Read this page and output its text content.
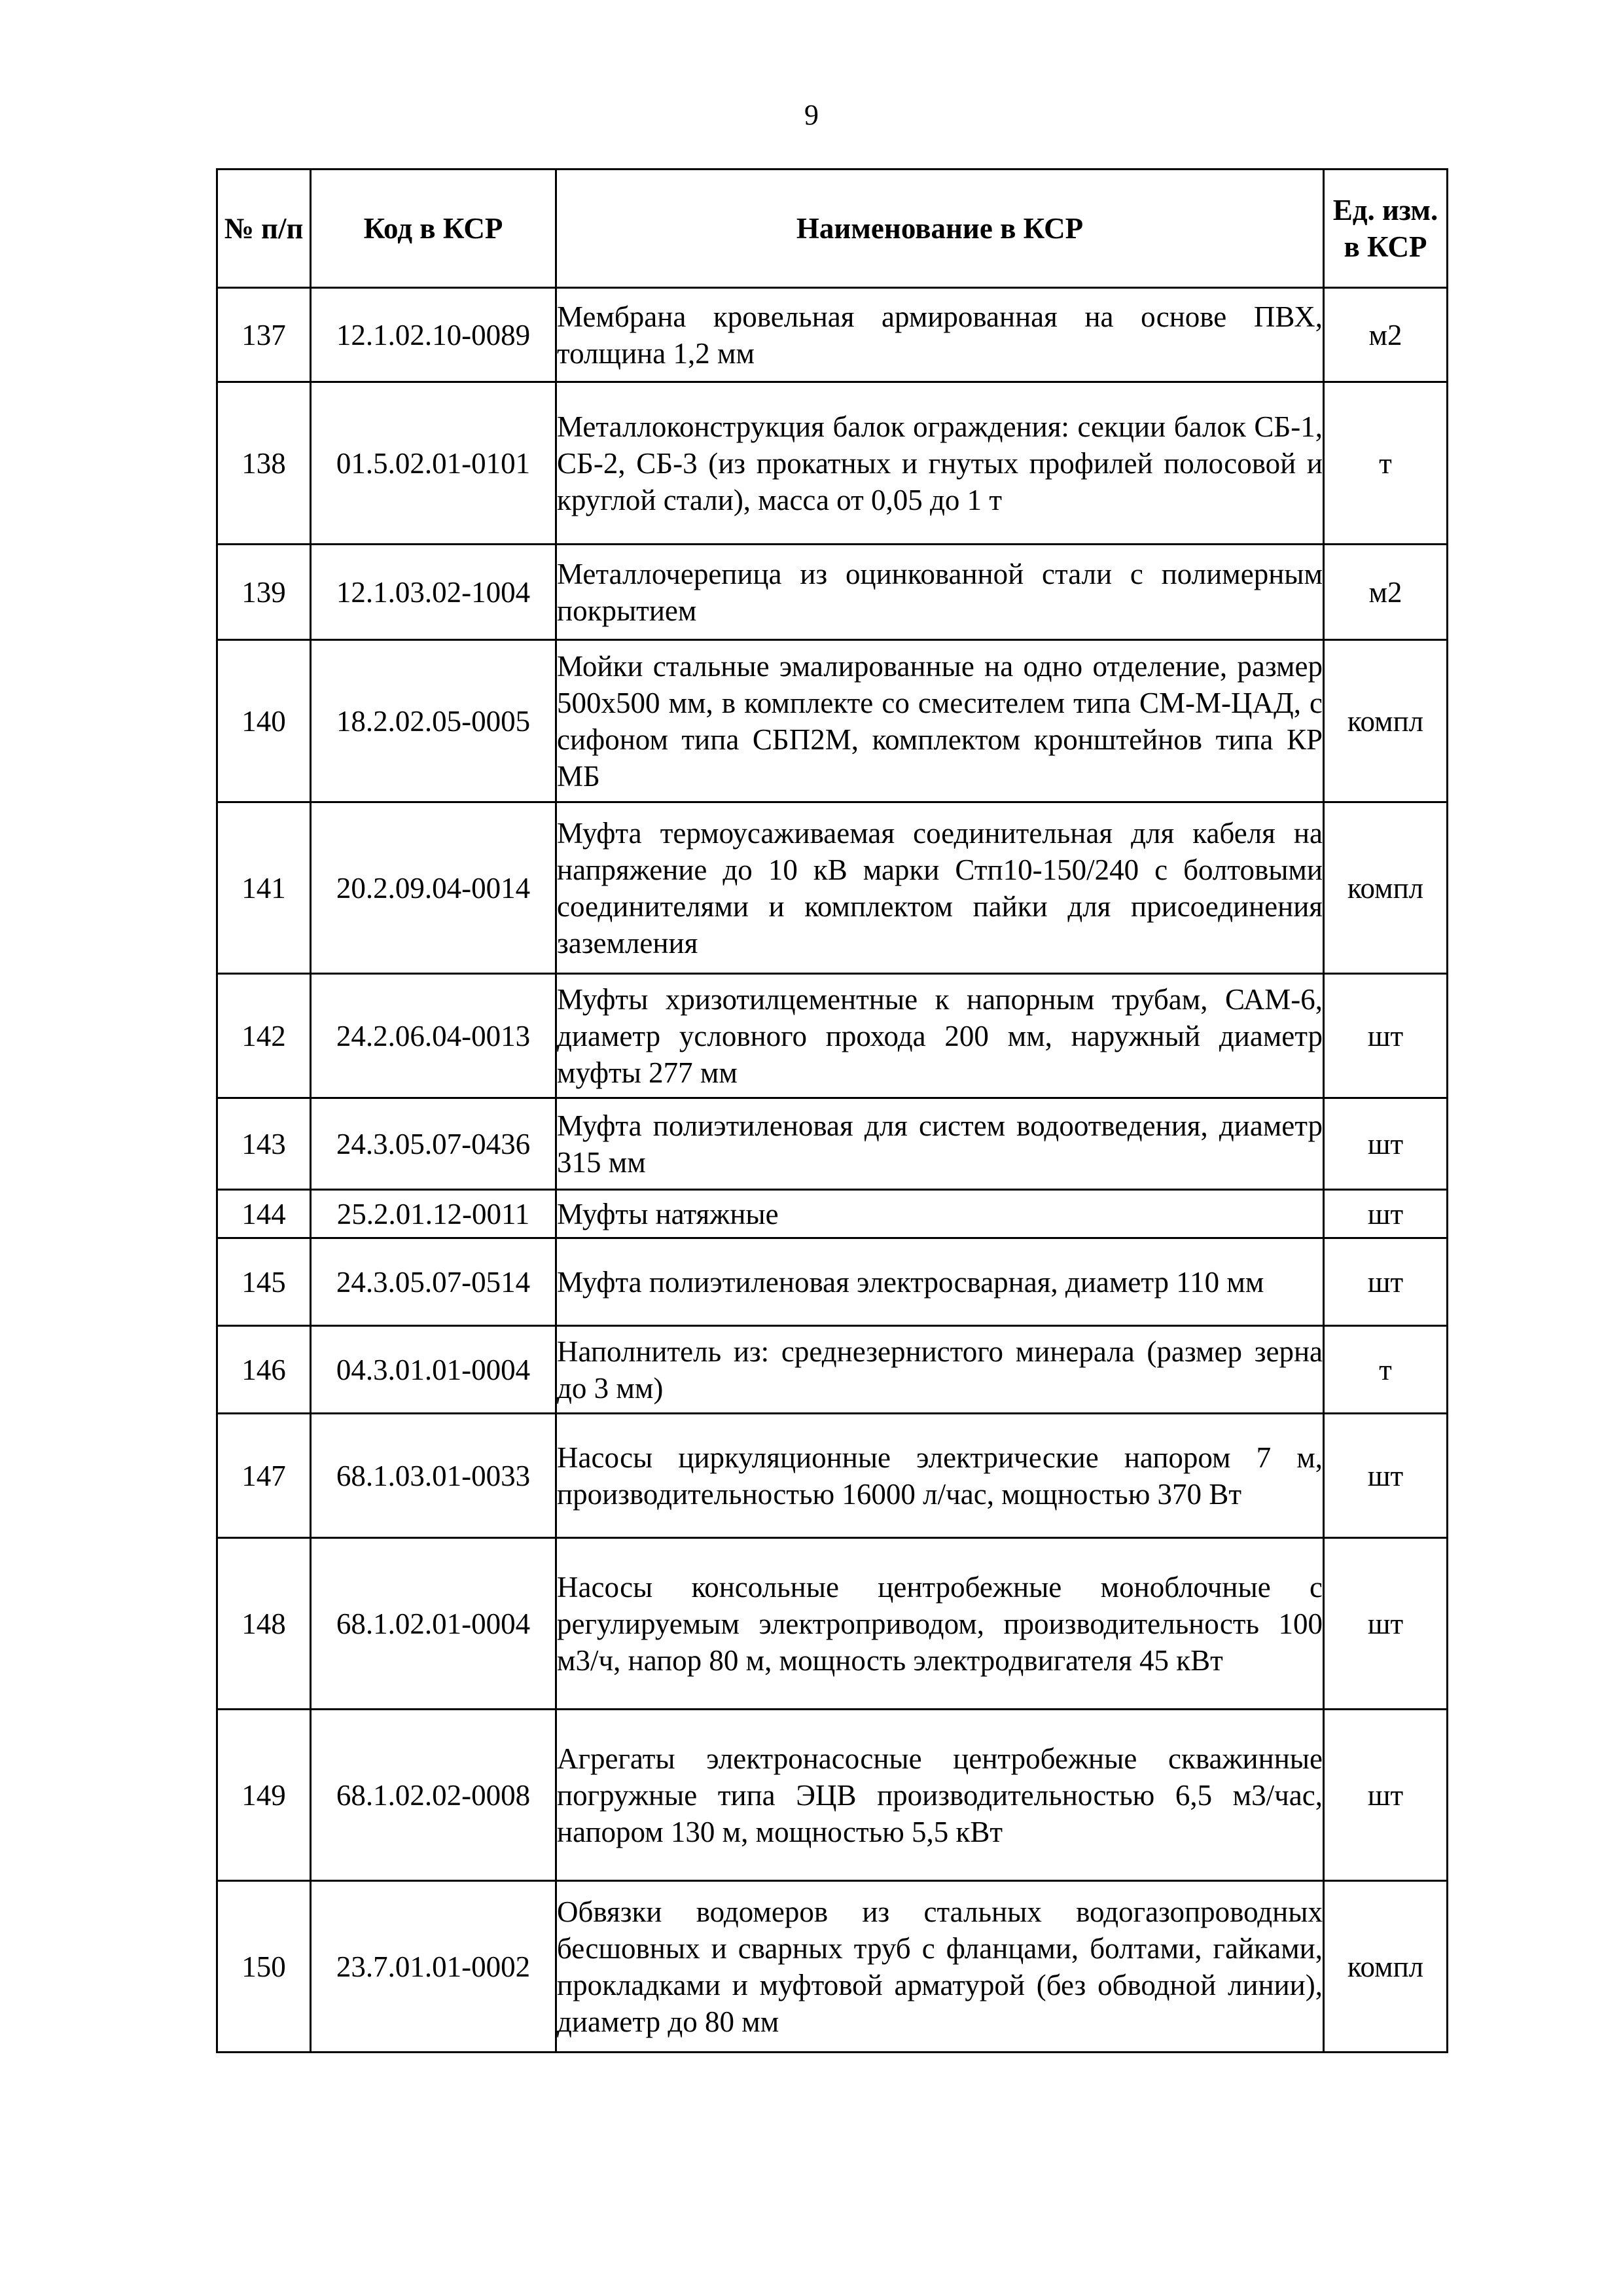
9
№ п/п	Код в КСР	Наименование в КСР	Ед. изм. в КСР
137	12.1.02.10-0089	Мембрана кровельная армированная на основе ПВХ, толщина 1,2 мм	м2
138	01.5.02.01-0101	Металлоконструкция балок ограждения: секции балок СБ-1, СБ-2, СБ-3 (из прокатных и гнутых профилей полосовой и круглой стали), масса от 0,05 до 1 т	т
139	12.1.03.02-1004	Металлочерепица из оцинкованной стали с полимерным покрытием	м2
140	18.2.02.05-0005	Мойки стальные эмалированные на одно отделение, размер 500х500 мм, в комплекте со смесителем типа СМ-М-ЦАД, с сифоном типа СБП2М, комплектом кронштейнов типа КР МБ	компл
141	20.2.09.04-0014	Муфта термоусаживаемая соединительная для кабеля на напряжение до 10 кВ марки Стп10-150/240 с болтовыми соединителями и комплектом пайки для присоединения заземления	компл
142	24.2.06.04-0013	Муфты хризотилцементные к напорным трубам, САМ-6, диаметр условного прохода 200 мм, наружный диаметр муфты 277 мм	шт
143	24.3.05.07-0436	Муфта полиэтиленовая для систем водоотведения, диаметр 315 мм	шт
144	25.2.01.12-0011	Муфты натяжные	шт
145	24.3.05.07-0514	Муфта полиэтиленовая электросварная, диаметр 110 мм	шт
146	04.3.01.01-0004	Наполнитель из: среднезернистого минерала (размер зерна до 3 мм)	т
147	68.1.03.01-0033	Насосы циркуляционные электрические напором 7 м, производительностью 16000 л/час, мощностью 370 Вт	шт
148	68.1.02.01-0004	Насосы консольные центробежные моноблочные с регулируемым электроприводом, производительность 100 м3/ч, напор 80 м, мощность электродвигателя 45 кВт	шт
149	68.1.02.02-0008	Агрегаты электронасосные центробежные скважинные погружные типа ЭЦВ производительностью 6,5 м3/час, напором 130 м, мощностью 5,5 кВт	шт
150	23.7.01.01-0002	Обвязки водомеров из стальных водогазопроводных бесшовных и сварных труб с фланцами, болтами, гайками, прокладками и муфтовой арматурой (без обводной линии), диаметр до 80 мм	компл
